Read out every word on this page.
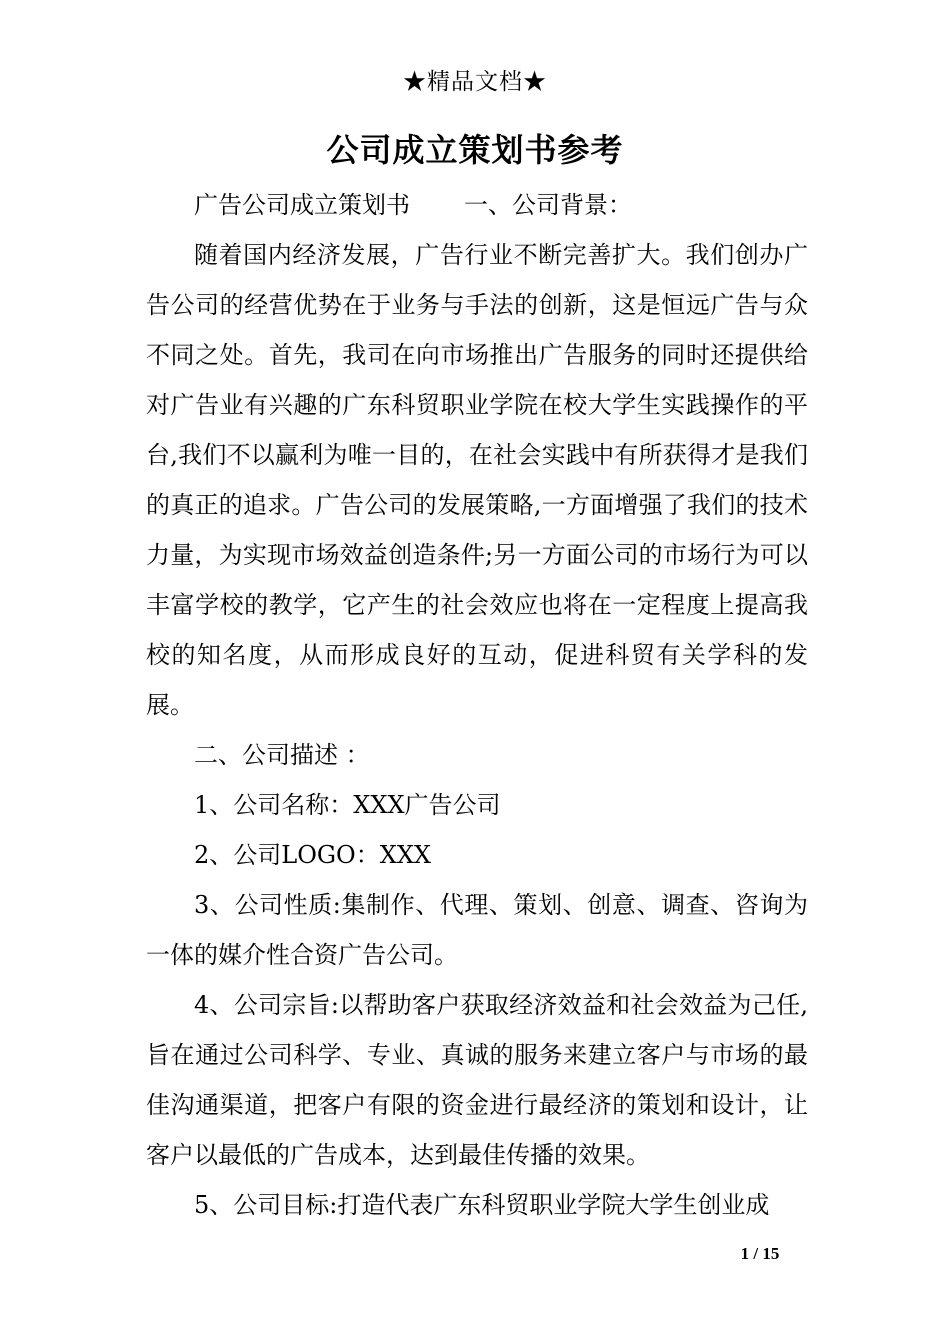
★精品文档★
公司成立策划书参考

广告公司成立策划书 一、公司背景：

随着国内经济发展，广告行业不断完善扩大。我们创办广告公司的经营优势在于业务与手法的创新，这是恒远广告与众不同之处。首先，我司在向市场推出广告服务的同时还提供给对广告业有兴趣的广东科贸职业学院在校大学生实践操作的平台,我们不以赢利为唯一目的，在社会实践中有所获得才是我们的真正的追求。广告公司的发展策略,一方面增强了我们的技术力量，为实现市场效益创造条件;另一方面公司的市场行为可以丰富学校的教学，它产生的社会效应也将在一定程度上提高我校的知名度，从而形成良好的互动，促进科贸有关学科的发展。

二、公司描述 ：

1、公司名称：XXX广告公司

2、公司LOGO：XXX

3、公司性质:集制作、代理、策划、创意、调查、咨询为一体的媒介性合资广告公司。

4、公司宗旨:以帮助客户获取经济效益和社会效益为己任,旨在通过公司科学、专业、真诚的服务来建立客户与市场的最佳沟通渠道，把客户有限的资金进行最经济的策划和设计，让客户以最低的广告成本，达到最佳传播的效果。

5、公司目标:打造代表广东科贸职业学院大学生创业成

1 / 15
